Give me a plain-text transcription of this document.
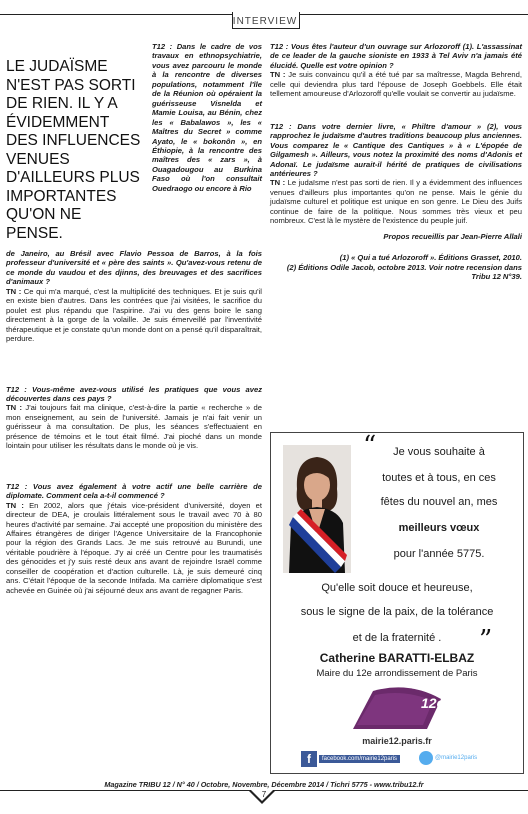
INTERVIEW
LE JUDAÏSME N'EST PAS SORTI DE RIEN. IL Y A ÉVIDEMMENT DES INFLUENCES VENUES D'AILLEURS PLUS IMPORTANTES QU'ON NE PENSE.

T12 : Dans le cadre de vos travaux en ethnopsychiatrie, vous avez parcouru le monde à la rencontre de diverses populations, notamment l'île de la Réunion où opéraient la guérisseuse Visnelda et Mamie Louisa, au Bénin, chez les « Babalawos », les « Maîtres du Secret » comme Ayato, le « bokonôn », en Éthiopie, à la rencontre des maîtres des « zars », à Ouagadougou au Burkina Faso où l'on consultait Ouedraogo ou encore à Rio

de Janeiro, au Brésil avec Flavio Pessoa de Barros, à la fois professeur d'université et « père des saints ». Qu'avez-vous retenu de ce monde du vaudou et des djinns, des breuvages et des sacrifices d'animaux ?

TN : Ce qui m'a marqué, c'est la multiplicité des techniques. Et je suis qu'il en existe bien d'autres. Dans les contrées que j'ai visitées, le sacrifice du poulet est plus répandu que l'aspirine. J'ai vu des gens boire le sang directement à la gorge de la volaille. Je suis émerveillé par l'inventivité thérapeutique et je constate qu'un monde dont on a pensé qu'il disparaîtrait, perdure.

T12 : Vous-même avez-vous utilisé les pratiques que vous avez découvertes dans ces pays ?

TN : J'ai toujours fait ma clinique, c'est-à-dire la partie « recherche » de mon enseignement, au sein de l'université. Jamais je n'ai fait venir un guérisseur à ma consultation. De plus, les séances s'effectuaient en présence de témoins et le tout était filmé. J'ai pioché dans un monde lointain pour utiliser les résultats dans le monde où je vis.

T12 : Vous avez également à votre actif une belle carrière de diplomate. Comment cela a-t-il commencé ?

TN : En 2002, alors que j'étais vice-président d'université, doyen et directeur de DEA, je croulais littéralement sous le travail avec 70 à 80 heures d'activité par semaine. J'ai accepté une proposition du ministère des Affaires étrangères de diriger l'Agence Universitaire de la Francophonie pour la région des Grands Lacs. Je me suis retrouvé au Burundi, une véritable poudrière à l'époque. J'y ai créé un Centre pour les traumatisés des génocides et j'y suis resté deux ans avant de rejoindre Israël comme conseiller de coopération et d'action culturelle. Là, je suis demeuré cinq ans. C'était l'époque de la seconde Intifada. Ma carrière diplomatique s'est achevée en Guinée où j'ai séjourné deux ans avant de regagner Paris.

T12 : Vous êtes l'auteur d'un ouvrage sur Arlozoroff (1). L'assassinat de ce leader de la gauche sioniste en 1933 à Tel Aviv n'a jamais été élucidé. Quelle est votre opinion ?

TN : Je suis convaincu qu'il a été tué par sa maîtresse, Magda Behrend, celle qui deviendra plus tard l'épouse de Joseph Goebbels. Elle était tellement amoureuse d'Arlozoroff qu'elle voulait se convertir au judaïsme.

T12 : Dans votre dernier livre, « Philtre d'amour » (2), vous rapprochez le judaïsme d'autres traditions beaucoup plus anciennes. Vous comparez le « Cantique des Cantiques » à « L'épopée de Gilgamesh ». Ailleurs, vous notez la proximité des noms d'Adonis et Adonaï. Le judaïsme aurait-il hérité de pratiques de civilisations antérieures ?

TN : Le judaïsme n'est pas sorti de rien. Il y a évidemment des influences venues d'ailleurs plus importantes qu'on ne pense. Mais le génie du judaïsme culturel et politique est unique en son genre. Le Dieu des Juifs continue de faire de la politique. Nous sommes très vieux et peu nombreux. C'est là le mystère de l'existence du peuple juif.

Propos recueillis par Jean-Pierre Allali
(1) « Qui a tué Arlozoroff ». Éditions Grasset, 2010.
(2) Éditions Odile Jacob, octobre 2013. Voir notre recension dans Tribu 12 N°39.
“	Je vous souhaite à
toutes et à tous, en ces
fêtes du nouvel an, mes
meilleurs vœux
pour l'année 5775.
Qu'elle soit douce et heureuse,
sous le signe de la paix, de la tolérance
et de la fraternité .	”
Catherine BARATTI-ELBAZ
Maire du 12e arrondissement de Paris
12e
mairie12.paris.fr
f	facebook.com/mairie12paris	@mairie12paris
Magazine TRIBU 12 / N° 40 / Octobre, Novembre, Décembre 2014 / Tichri 5775 - www.tribu12.fr
7
